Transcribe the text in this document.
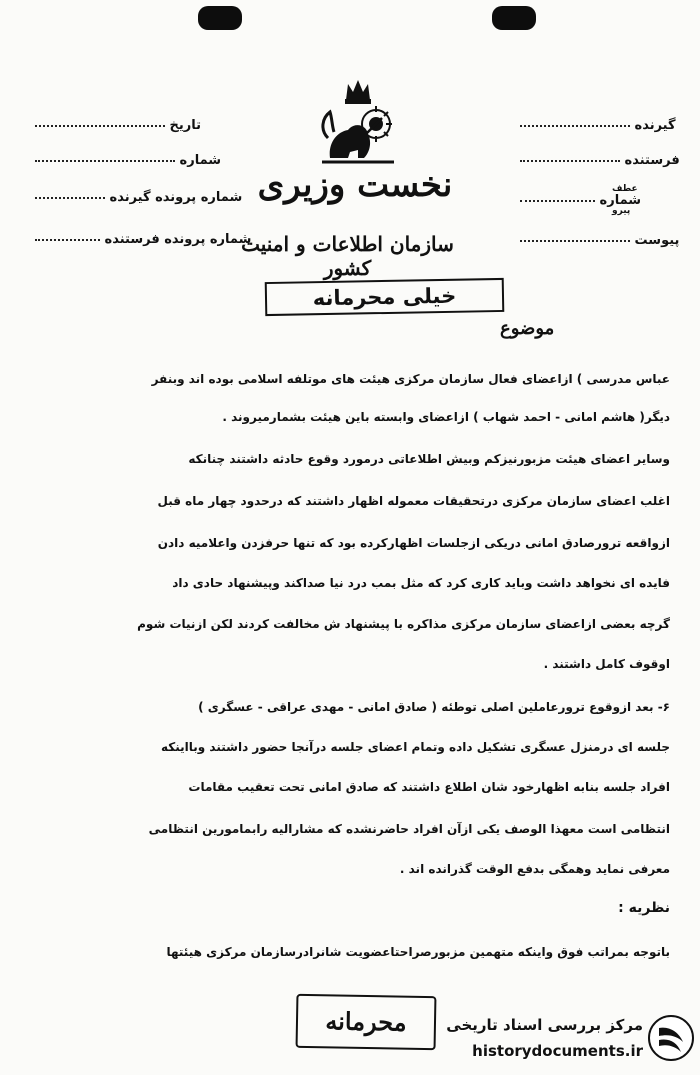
تاریخ
شماره
شماره پرونده گیرنده
شماره پرونده فرستنده
گیرنده
فرستنده
شماره
عطف
پیرو
پیوست
نخست وزیری
سازمان اطلاعات و امنیت کشور
خیلی محرمانه
موضوع
عباس مدرسی ) ازاعضای فعال سازمان مرکزی هیئت های موتلفه اسلامی بوده اند وبنفر
دیگر( هاشم امانی - احمد شهاب ) ازاعضای وابسته باین هیئت بشمارمیروند .
وسایر اعضای هیئت مزبورنیزکم وبیش اطلاعاتی درمورد وقوع حادثه داشتند چنانکه
اغلب اعضای سازمان مرکزی درتحقیقات معموله اظهار داشتند که درحدود چهار ماه قبل
ازواقعه ترورصادق امانی دریکی ازجلسات اظهارکرده بود که تنها حرفزدن واعلامیه دادن
فایده ای نخواهد داشت وباید کاری کرد که مثل بمب درد نیا صداکند وپیشنهاد حادی داد
گرچه بعضی ازاعضای سازمان مرکزی مذاکره با پیشنهاد ش مخالفت کردند لکن ازنیات شوم
اوقوف کامل داشتند .
۶- بعد ازوقوع ترورعاملین اصلی توطئه ( صادق امانی - مهدی عراقی - عسگری )
جلسه ای درمنزل عسگری تشکیل داده وتمام اعضای جلسه درآنجا حضور داشتند وبااینکه
افراد جلسه بنابه اظهارخود شان اطلاع داشتند که صادق امانی تحت تعقیب مقامات
انتظامی است معهذا الوصف یکی ازآن افراد حاضرنشده که مشارالیه رابمامورین انتظامی
معرفی نماید وهمگی بدفع الوقت گذرانده اند .
نظریه :
باتوجه بمراتب فوق واینکه متهمین مزبورصراحتاعضویت شانرادرسازمان مرکزی هیئتها
محرمانه	مرکز بررسی اسناد تاریخی
historydocuments.ir
